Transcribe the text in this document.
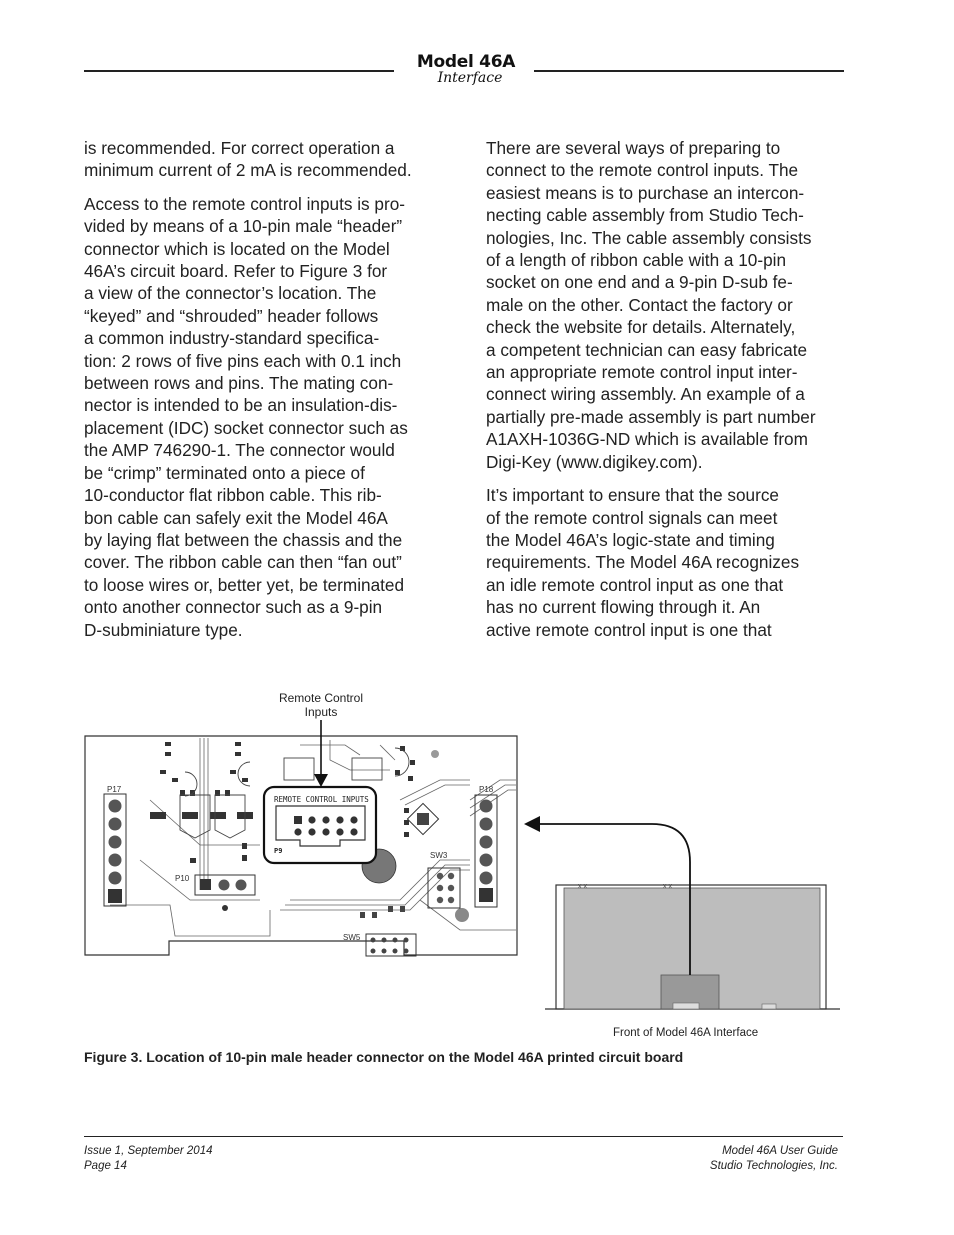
Model 46A
Interface

is recommended. For correct operation a
minimum current of 2 mA is recommended.

Access to the remote control inputs is pro-
vided by means of a 10-pin male “header”
connector which is located on the Model
46A’s circuit board. Refer to Figure 3 for
a view of the connector’s location. The
“keyed” and “shrouded” header follows
a common industry-standard specifica-
tion: 2 rows of five pins each with 0.1 inch
between rows and pins. The mating con-
nector is intended to be an insulation-dis-
placement (IDC) socket connector such as
the AMP 746290-1. The connector would
be “crimp” terminated onto a piece of
10-conductor flat ribbon cable. This rib-
bon cable can safely exit the Model 46A
by laying flat between the chassis and the
cover. The ribbon cable can then “fan out”
to loose wires or, better yet, be terminated
onto another connector such as a 9-pin
D-subminiature type.

There are several ways of preparing to
connect to the remote control inputs. The
easiest means is to purchase an intercon-
necting cable assembly from Studio Tech-
nologies, Inc. The cable assembly consists
of a length of ribbon cable with a 10-pin
socket on one end and a 9-pin D-sub fe-
male on the other. Contact the factory or
check the website for details. Alternately,
a competent technician can easy fabricate
an appropriate remote control input inter-
connect wiring assembly. An example of a
partially pre-made assembly is part number
A1AXH-1036G-ND which is available from
Digi-Key (www.digikey.com).

It’s important to ensure that the source
of the remote control signals can meet
the Model 46A’s logic-state and timing
requirements. The Model 46A recognizes
an idle remote control input as one that
has no current flowing through it. An
active remote control input is one that

REMOTE CONTROL INPUTS
P9
P17	P18
P10
SW3
SW5
x x	x x
Remote Control
Inputs
Front of Model 46A Interface
Figure 3. Location of 10-pin male header connector on the Model 46A printed circuit board
Issue 1, September 2014
Page 14
Model 46A User Guide
Studio Technologies, Inc.
